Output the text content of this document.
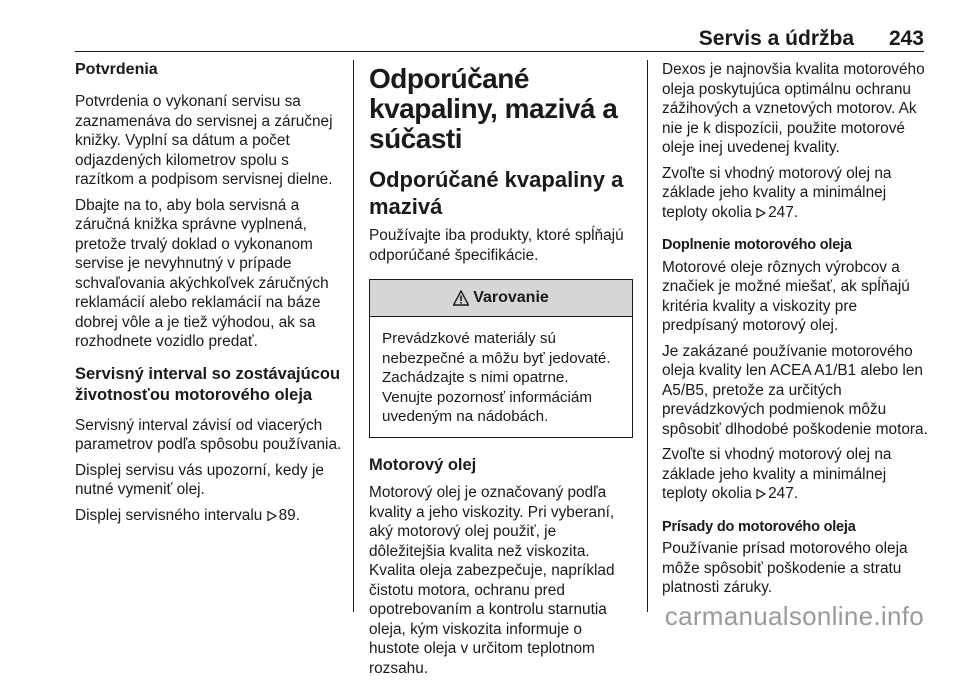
Servis a údržba 243
Potvrdenia

Potvrdenia o vykonaní servisu sa zaznamenáva do servisnej a záručnej knižky. Vyplní sa dátum a počet odjazdených kilometrov spolu s razítkom a podpisom servisnej dielne.

Dbajte na to, aby bola servisná a záručná knižka správne vyplnená, pretože trvalý doklad o vykonanom servise je nevyhnutný v prípade schvaľovania akýchkoľvek záručných reklamácií alebo reklamácií na báze dobrej vôle a je tiež výhodou, ak sa rozhodnete vozidlo predať.

Servisný interval so zostávajúcou životnosťou motorového oleja

Servisný interval závisí od viacerých parametrov podľa spôsobu používania.

Displej servisu vás upozorní, kedy je nutné vymeniť olej.

Displej servisného intervalu 89.

Odporúčané kvapaliny, mazivá a súčasti
Odporúčané kvapaliny a mazivá

Používajte iba produkty, ktoré spĺňajú odporúčané špecifikácie.

Varovanie
Prevádzkové materiály sú nebezpečné a môžu byť jedovaté. Zachádzajte s nimi opatrne. Venujte pozornosť informáciám uvedeným na nádobách.
Motorový olej

Motorový olej je označovaný podľa kvality a jeho viskozity. Pri vyberaní, aký motorový olej použiť, je dôležitejšia kvalita než viskozita. Kvalita oleja zabezpečuje, napríklad čistotu motora, ochranu pred opotrebovaním a kontrolu starnutia oleja, kým viskozita informuje o hustote oleja v určitom teplotnom rozsahu.

Dexos je najnovšia kvalita motorového oleja poskytujúca optimálnu ochranu zážihových a vznetových motorov. Ak nie je k dispozícii, použite motorové oleje inej uvedenej kvality.

Zvoľte si vhodný motorový olej na základe jeho kvality a minimálnej teploty okolia 247.

Doplnenie motorového oleja

Motorové oleje rôznych výrobcov a značiek je možné miešať, ak spĺňajú kritéria kvality a viskozity pre predpísaný motorový olej.

Je zakázané používanie motorového oleja kvality len ACEA A1/B1 alebo len A5/B5, pretože za určitých prevádzkových podmienok môžu spôsobiť dlhodobé poškodenie motora.

Zvoľte si vhodný motorový olej na základe jeho kvality a minimálnej teploty okolia 247.

Prísady do motorového oleja

Používanie prísad motorového oleja môže spôsobiť poškodenie a stratu platnosti záruky.

carmanualsonline.info
